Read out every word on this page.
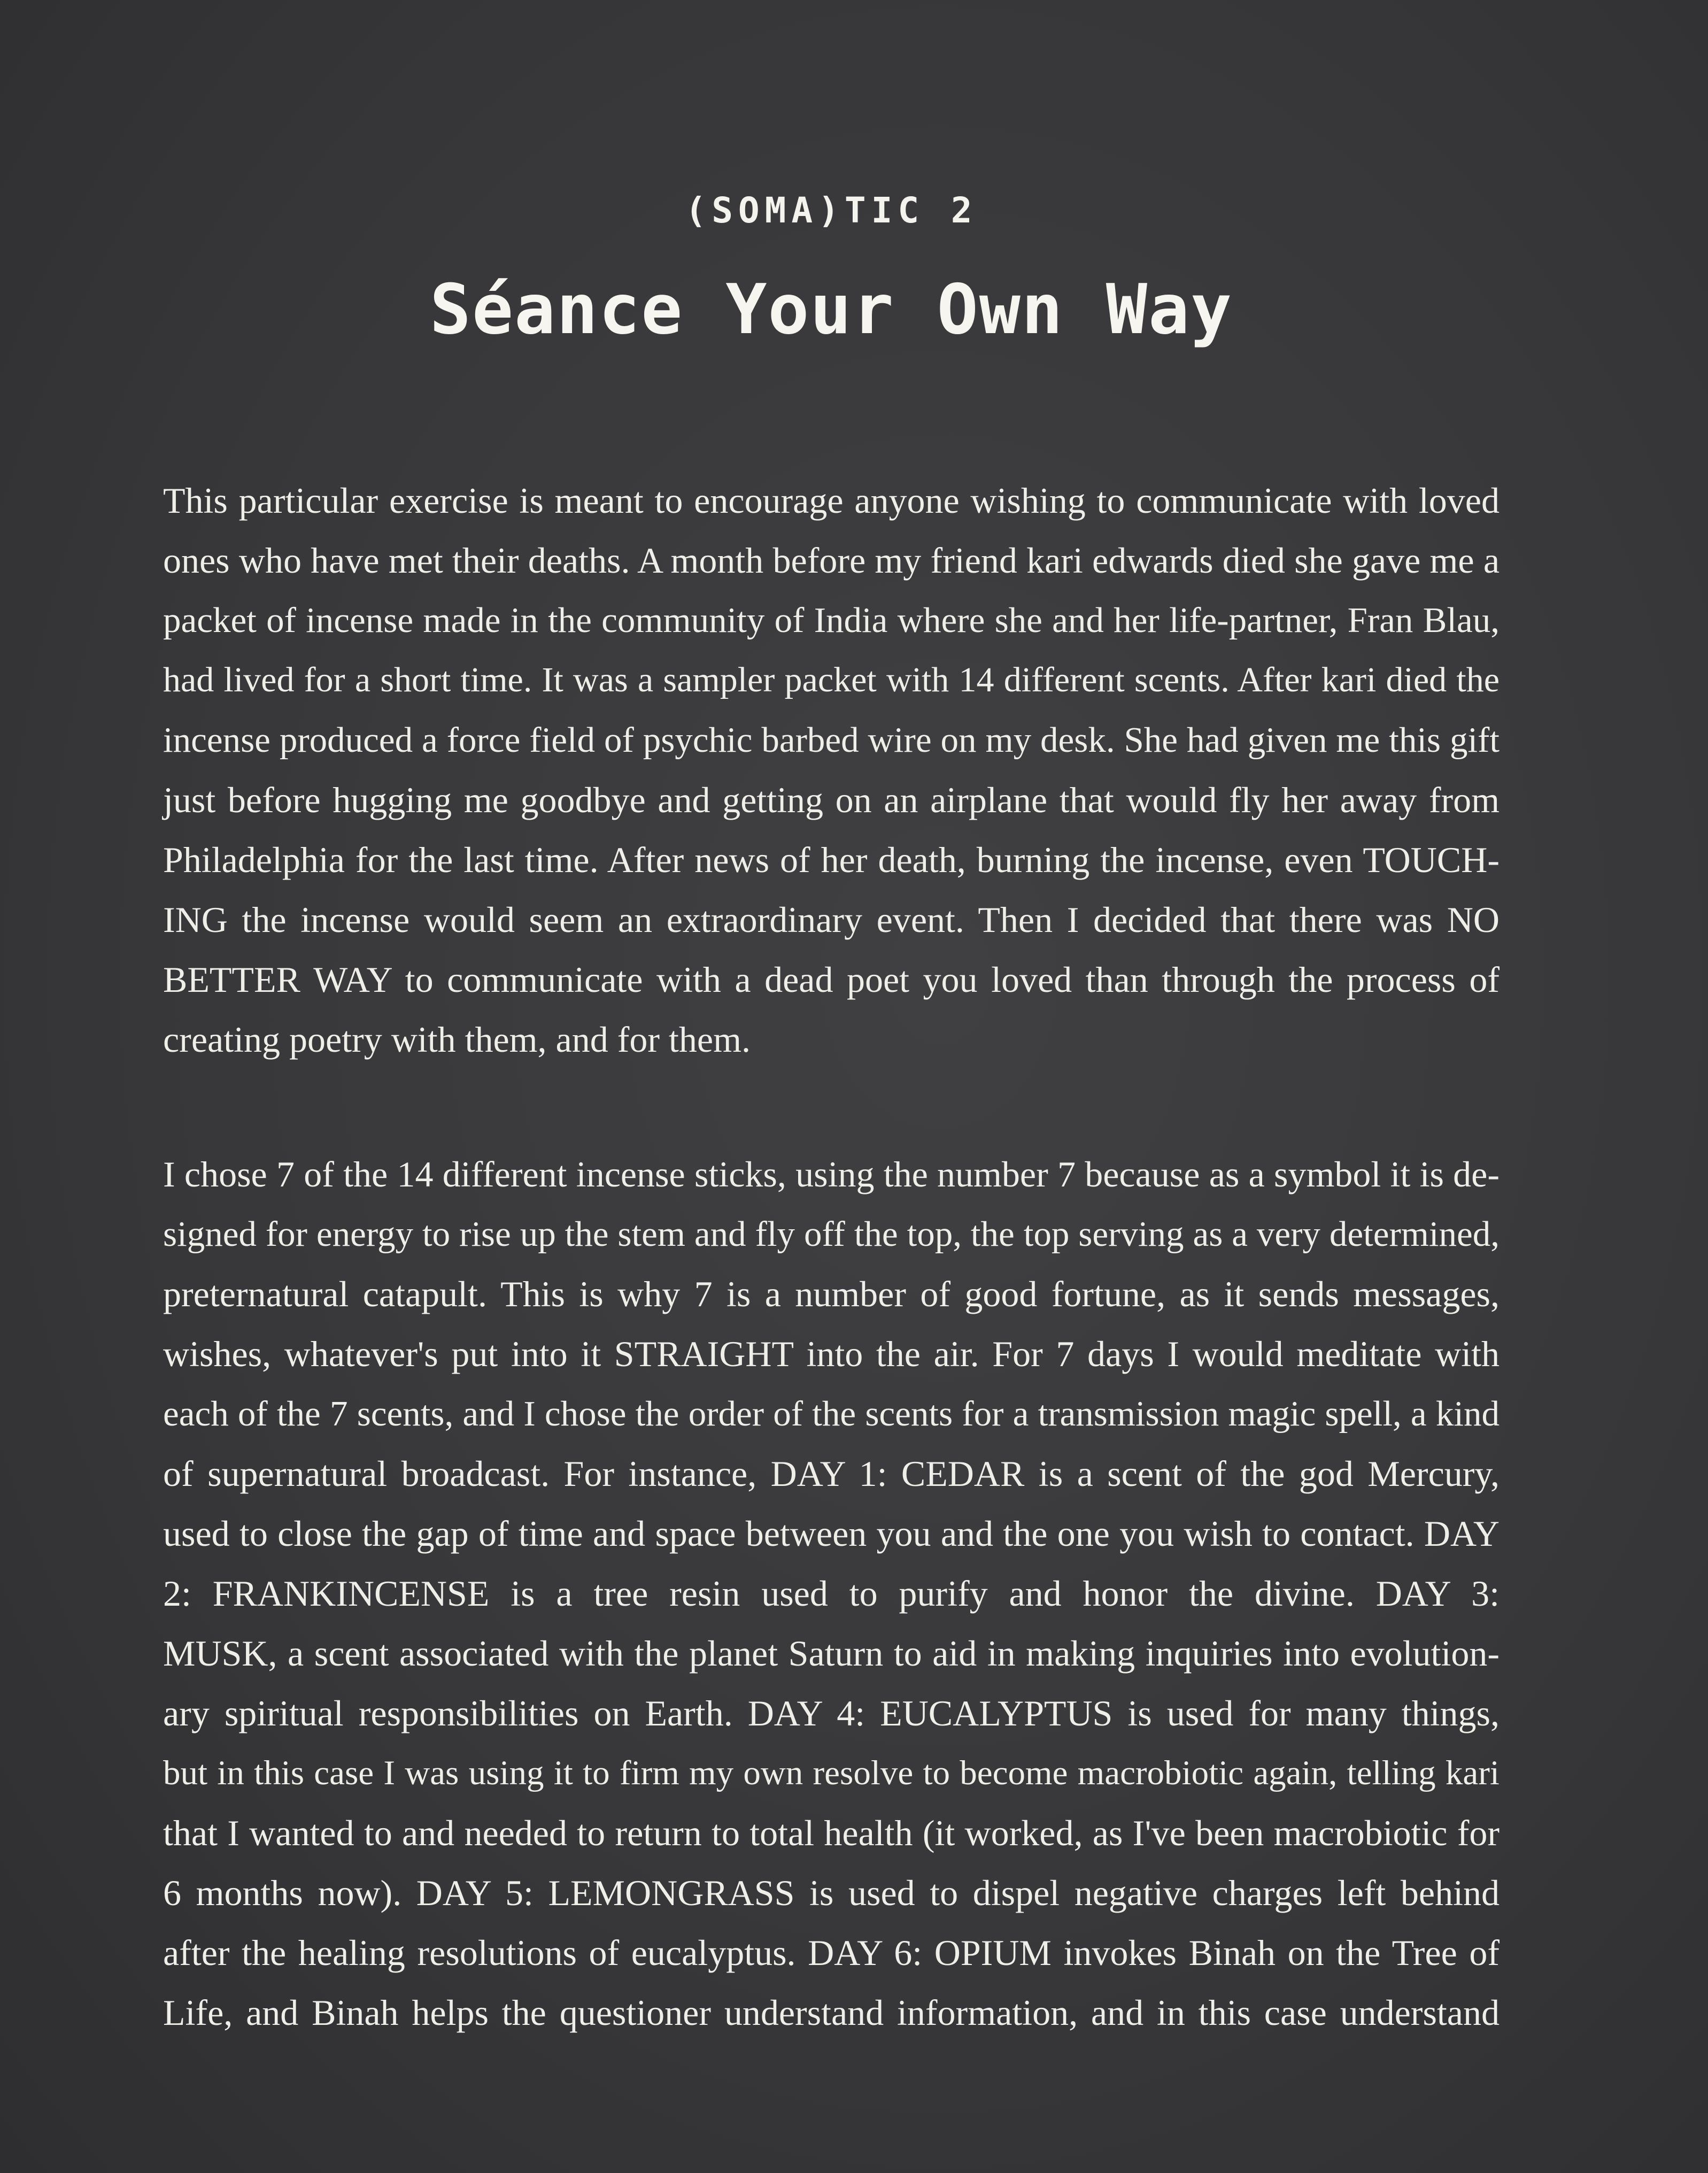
(SOMA)TIC 2
Séance Your Own Way
This particular exercise is meant to encourage anyone wishing to communicate with loved
ones who have met their deaths. A month before my friend kari edwards died she gave me a
packet of incense made in the community of India where she and her life-partner, Fran Blau,
had lived for a short time. It was a sampler packet with 14 different scents. After kari died the
incense produced a force field of psychic barbed wire on my desk. She had given me this gift
just before hugging me goodbye and getting on an airplane that would fly her away from
Philadelphia for the last time. After news of her death, burning the incense, even TOUCH-
ING the incense would seem an extraordinary event. Then I decided that there was NO
BETTER WAY to communicate with a dead poet you loved than through the process of
creating poetry with them, and for them.
I chose 7 of the 14 different incense sticks, using the number 7 because as a symbol it is de-
signed for energy to rise up the stem and fly off the top, the top serving as a very determined,
preternatural catapult. This is why 7 is a number of good fortune, as it sends messages,
wishes, whatever's put into it STRAIGHT into the air. For 7 days I would meditate with
each of the 7 scents, and I chose the order of the scents for a transmission magic spell, a kind
of supernatural broadcast. For instance, DAY 1: CEDAR is a scent of the god Mercury,
used to close the gap of time and space between you and the one you wish to contact. DAY
2: FRANKINCENSE is a tree resin used to purify and honor the divine. DAY 3:
MUSK, a scent associated with the planet Saturn to aid in making inquiries into evolution-
ary spiritual responsibilities on Earth. DAY 4: EUCALYPTUS is used for many things,
but in this case I was using it to firm my own resolve to become macrobiotic again, telling kari
that I wanted to and needed to return to total health (it worked, as I've been macrobiotic for
6 months now). DAY 5: LEMONGRASS is used to dispel negative charges left behind
after the healing resolutions of eucalyptus. DAY 6: OPIUM invokes Binah on the Tree of
Life, and Binah helps the questioner understand information, and in this case understand
